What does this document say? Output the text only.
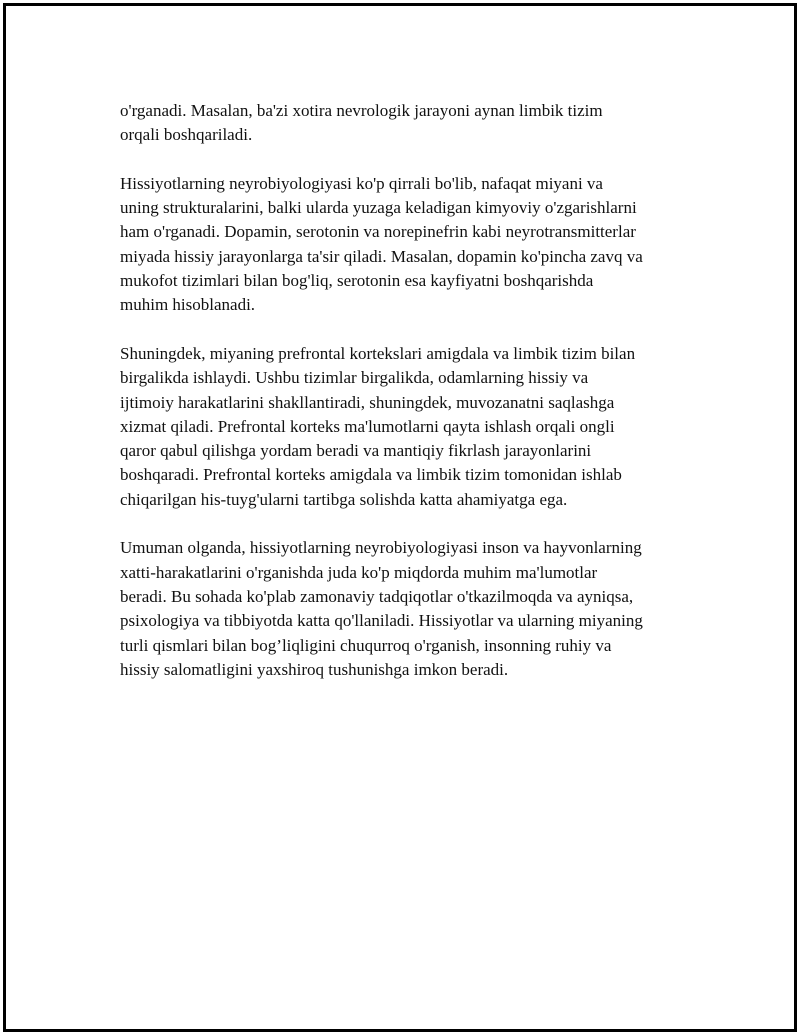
o'rganadi. Masalan, ba'zi xotira nevrologik jarayoni aynan limbik tizim
orqali boshqariladi.

Hissiyotlarning neyrobiyologiyasi ko'p qirrali bo'lib, nafaqat miyani va
uning strukturalarini, balki ularda yuzaga keladigan kimyoviy o'zgarishlarni
ham o'rganadi. Dopamin, serotonin va norepinefrin kabi neyrotransmitterlar
miyada hissiy jarayonlarga ta'sir qiladi. Masalan, dopamin ko'pincha zavq va
mukofot tizimlari bilan bog'liq, serotonin esa kayfiyatni boshqarishda
muhim hisoblanadi.

Shuningdek, miyaning prefrontal kortekslari amigdala va limbik tizim bilan
birgalikda ishlaydi. Ushbu tizimlar birgalikda, odamlarning hissiy va
ijtimoiy harakatlarini shakllantiradi, shuningdek, muvozanatni saqlashga
xizmat qiladi. Prefrontal korteks ma'lumotlarni qayta ishlash orqali ongli
qaror qabul qilishga yordam beradi va mantiqiy fikrlash jarayonlarini
boshqaradi. Prefrontal korteks amigdala va limbik tizim tomonidan ishlab
chiqarilgan his-tuyg'ularni tartibga solishda katta ahamiyatga ega.

Umuman olganda, hissiyotlarning neyrobiyologiyasi inson va hayvonlarning
xatti-harakatlarini o'rganishda juda ko'p miqdorda muhim ma'lumotlar
beradi. Bu sohada ko'plab zamonaviy tadqiqotlar o'tkazilmoqda va ayniqsa,
psixologiya va tibbiyotda katta qo'llaniladi. Hissiyotlar va ularning miyaning
turli qismlari bilan bog’liqligini chuqurroq o'rganish, insonning ruhiy va
hissiy salomatligini yaxshiroq tushunishga imkon beradi.
